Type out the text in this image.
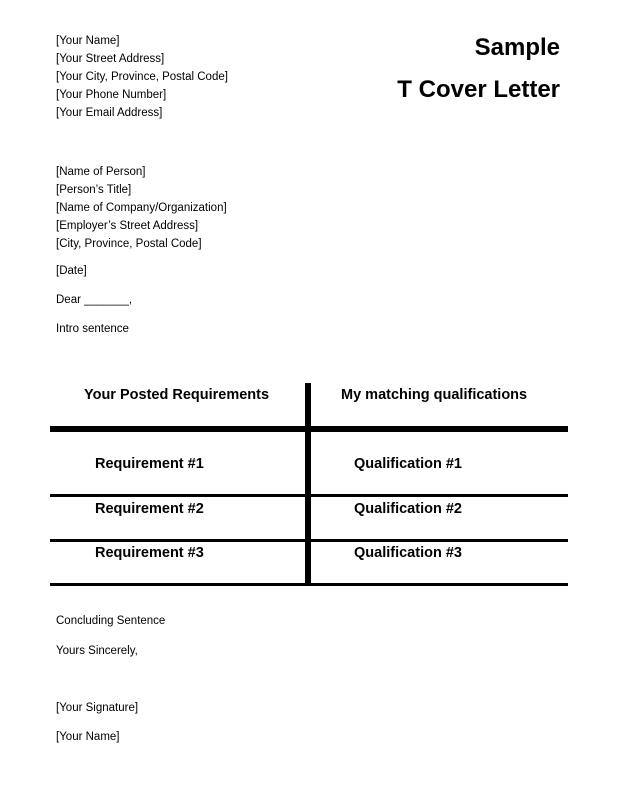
[Your Name]
[Your Street Address]
[Your City, Province, Postal Code]
[Your Phone Number]
[Your Email Address]
Sample
T Cover Letter
[Name of Person]
[Person’s Title]
[Name of Company/Organization]
[Employer’s Street Address]
[City, Province, Postal Code]
[Date]
Dear _______,
Intro sentence
Your Posted Requirements	My matching qualifications
Requirement #1	Qualification #1
Requirement #2	Qualification #2
Requirement #3	Qualification #3
Concluding Sentence
Yours Sincerely,
[Your Signature]
[Your Name]
